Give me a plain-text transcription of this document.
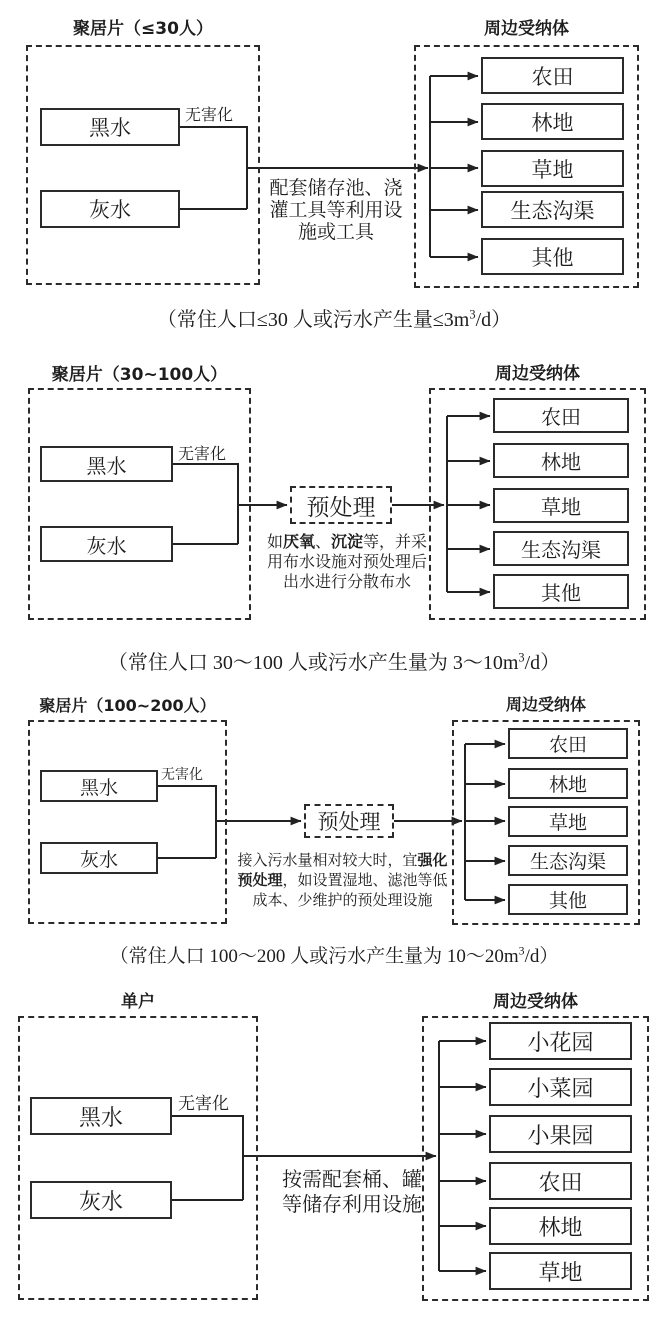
聚居片（≤30人）	周边受纳体
黑水
灰水
无害化
配套储存池、浇
灌工具等利用设
施或工具
农田
林地
草地
生态沟渠
其他
（常住人口≤30 人或污水产生量$\le 3m^3/d$）
聚居片（30~100人）	周边受纳体
黑水
灰水
无害化
预处理
如厌氧、沉淀等，并采
用布水设施对预处理后
出水进行分散布水
农田
林地
草地
生态沟渠
其他
（常住人口 30～100 人或污水产生量为 $3\sim 10m^3/d$）
聚居片（100~200人）	周边受纳体
黑水
灰水
无害化
预处理
接入污水量相对较大时，宜强化
预处理，如设置湿地、滤池等低
成本、少维护的预处理设施
农田
林地
草地
生态沟渠
其他
（常住人口 100～200 人或污水产生量为 $10\sim 20m^3/d$）
单户	周边受纳体
黑水
灰水
无害化
按需配套桶、罐
等储存利用设施
小花园
小菜园
小果园
农田
林地
草地
